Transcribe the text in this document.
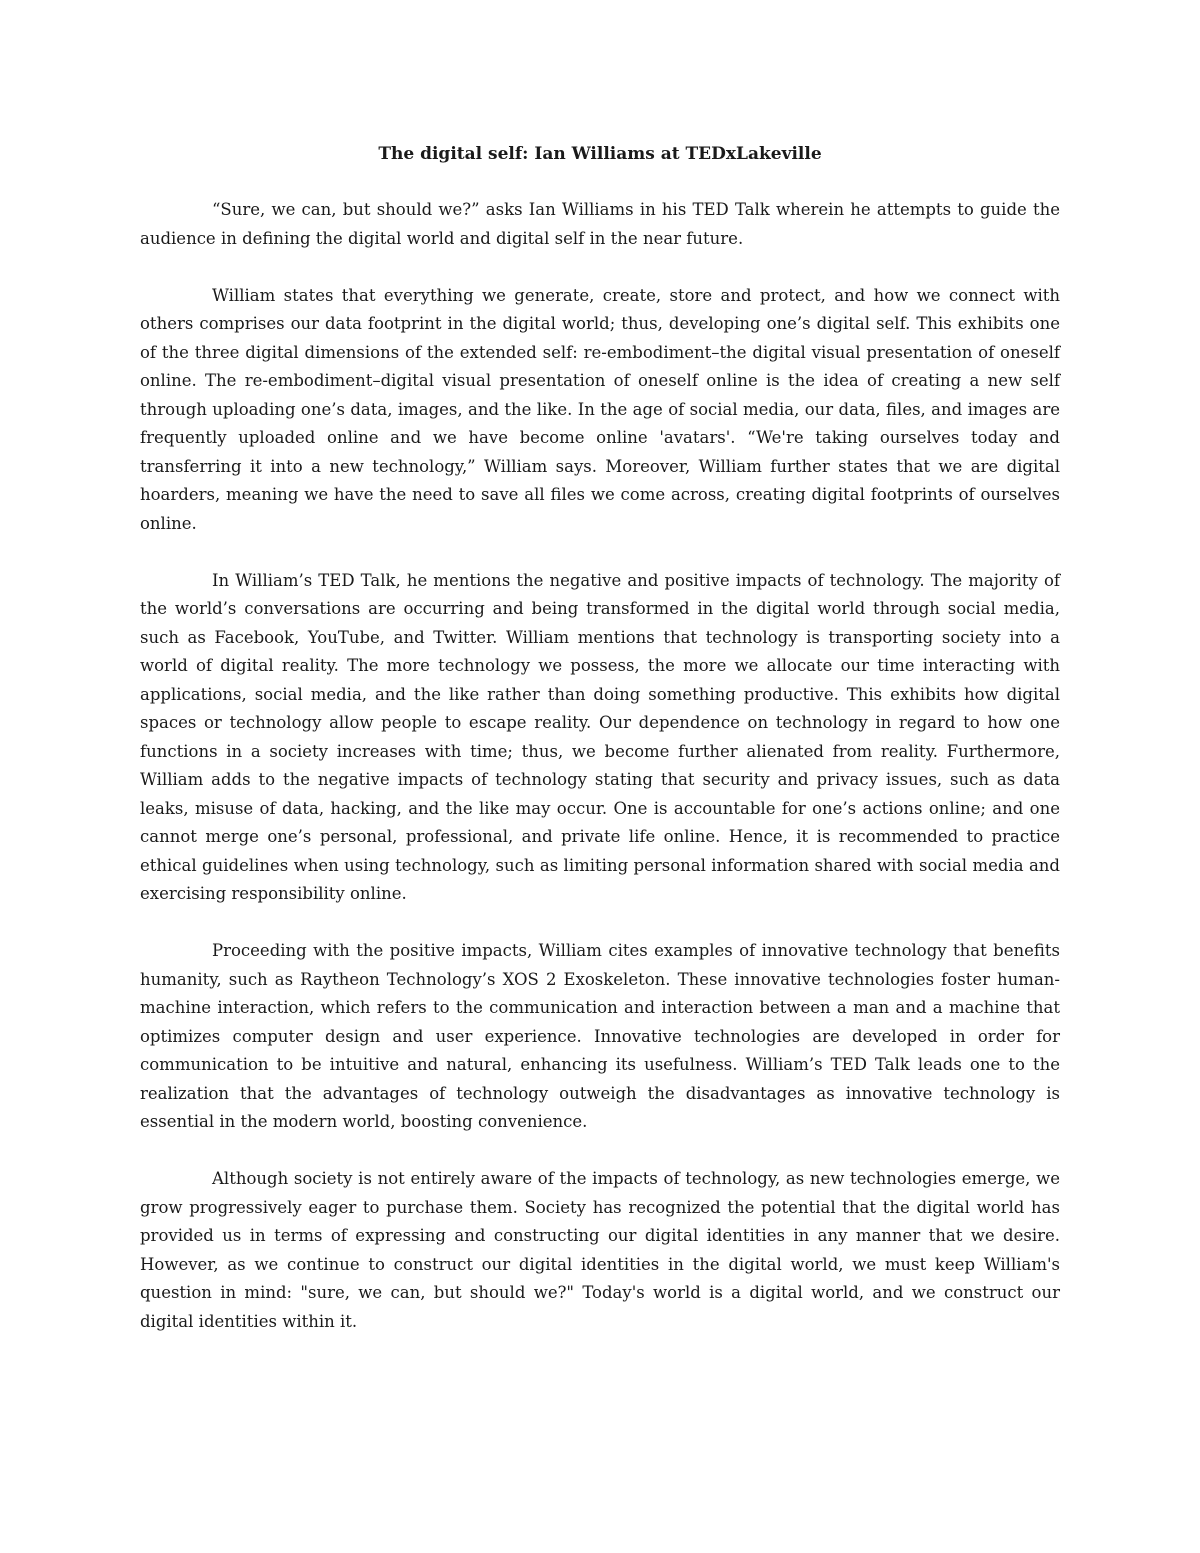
The digital self: Ian Williams at TEDxLakeville

“Sure, we can, but should we?” asks Ian Williams in his TED Talk wherein he attempts to guide the audience in defining the digital world and digital self in the near future.

William states that everything we generate, create, store and protect, and how we connect with others comprises our data footprint in the digital world; thus, developing one’s digital self. This exhibits one of the three digital dimensions of the extended self: re-embodiment–the digital visual presentation of oneself online. The re-embodiment–digital visual presentation of oneself online is the idea of creating a new self through uploading one’s data, images, and the like. In the age of social media, our data, files, and images are frequently uploaded online and we have become online 'avatars'. “We're taking ourselves today and transferring it into a new technology,” William says. Moreover, William further states that we are digital hoarders, meaning we have the need to save all files we come across, creating digital footprints of ourselves online.

In William’s TED Talk, he mentions the negative and positive impacts of technology. The majority of the world’s conversations are occurring and being transformed in the digital world through social media, such as Facebook, YouTube, and Twitter. William mentions that technology is transporting society into a world of digital reality. The more technology we possess, the more we allocate our time interacting with applications, social media, and the like rather than doing something productive. This exhibits how digital spaces or technology allow people to escape reality. Our dependence on technology in regard to how one functions in a society increases with time; thus, we become further alienated from reality. Furthermore, William adds to the negative impacts of technology stating that security and privacy issues, such as data leaks, misuse of data, hacking, and the like may occur. One is accountable for one’s actions online; and one cannot merge one’s personal, professional, and private life online. Hence, it is recommended to practice ethical guidelines when using technology, such as limiting personal information shared with social media and exercising responsibility online.

Proceeding with the positive impacts, William cites examples of innovative technology that benefits humanity, such as Raytheon Technology’s XOS 2 Exoskeleton. These innovative technologies foster human-machine interaction, which refers to the communication and interaction between a man and a machine that optimizes computer design and user experience. Innovative technologies are developed in order for communication to be intuitive and natural, enhancing its usefulness. William’s TED Talk leads one to the realization that the advantages of technology outweigh the disadvantages as innovative technology is essential in the modern world, boosting convenience.

Although society is not entirely aware of the impacts of technology, as new technologies emerge, we grow progressively eager to purchase them. Society has recognized the potential that the digital world has provided us in terms of expressing and constructing our digital identities in any manner that we desire. However, as we continue to construct our digital identities in the digital world, we must keep William's question in mind: "sure, we can, but should we?" Today's world is a digital world, and we construct our digital identities within it.
